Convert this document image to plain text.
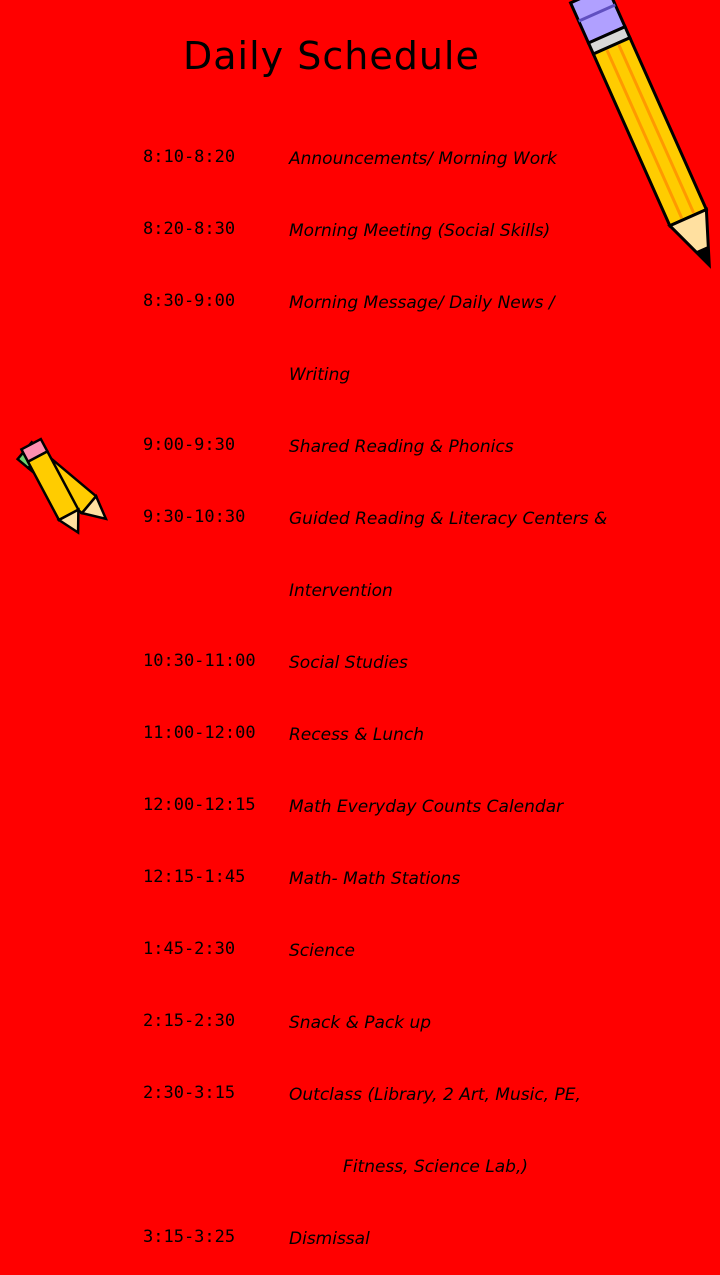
Daily Schedule

8:10-8:20

8:20-8:30

8:30-9:00

9:00-9:30

9:30-10:30

10:30-11:00

11:00-12:00

12:00-12:15

12:15-1:45

1:45-2:30

2:15-2:30

2:30-3:15

3:15-3:25

Announcements/ Morning Work

Morning Meeting (Social Skills)

Morning Message/ Daily News /

Writing

Shared Reading & Phonics

Guided Reading & Literacy Centers &

Intervention

Social Studies

Recess & Lunch

Math Everyday Counts Calendar

Math- Math Stations

Science

Snack & Pack up

Outclass (Library, 2 Art, Music, PE,

Fitness, Science Lab,)

Dismissal
